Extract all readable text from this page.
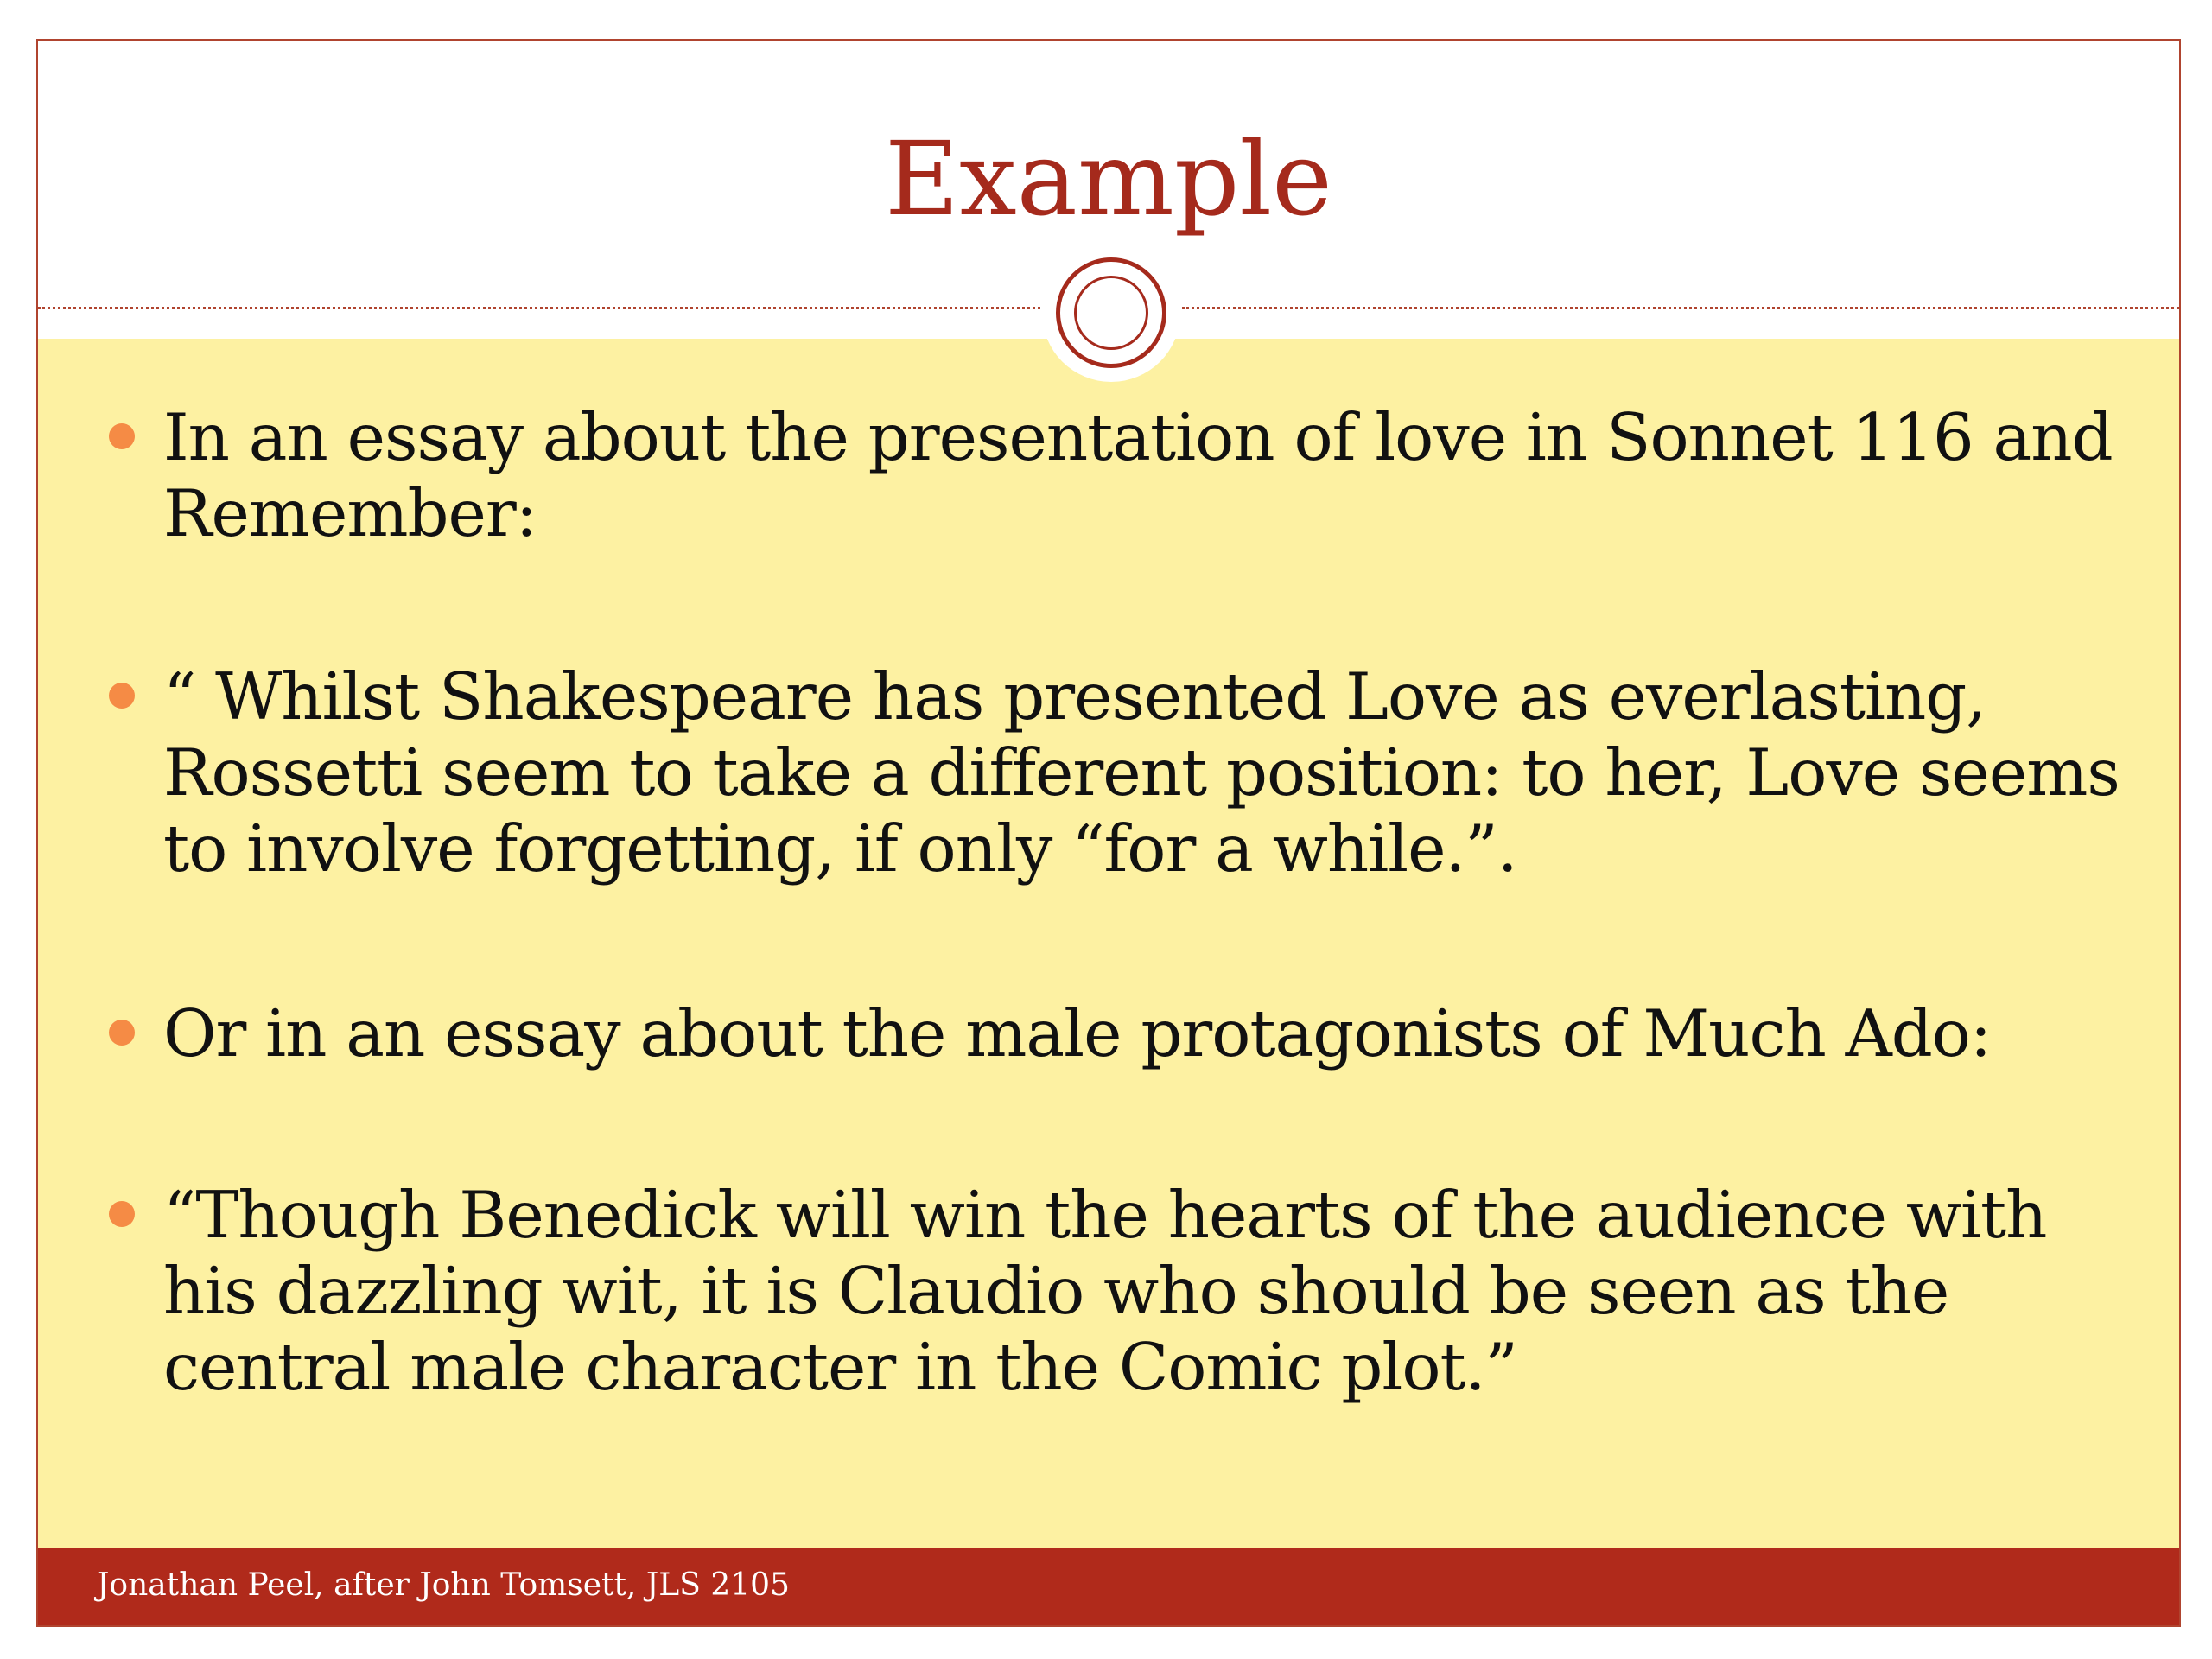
Example
In an essay about the presentation of love in Sonnet 116 and Remember:
“ Whilst Shakespeare has presented Love as everlasting, Rossetti seem to take a different position: to her, Love seems to involve forgetting, if only “for a while.”.
Or in an essay about the male protagonists of Much Ado:
“Though Benedick will win the hearts of the audience with his dazzling wit, it is Claudio who should be seen as the central male character in the Comic plot.”
Jonathan Peel, after John Tomsett, JLS 2105
